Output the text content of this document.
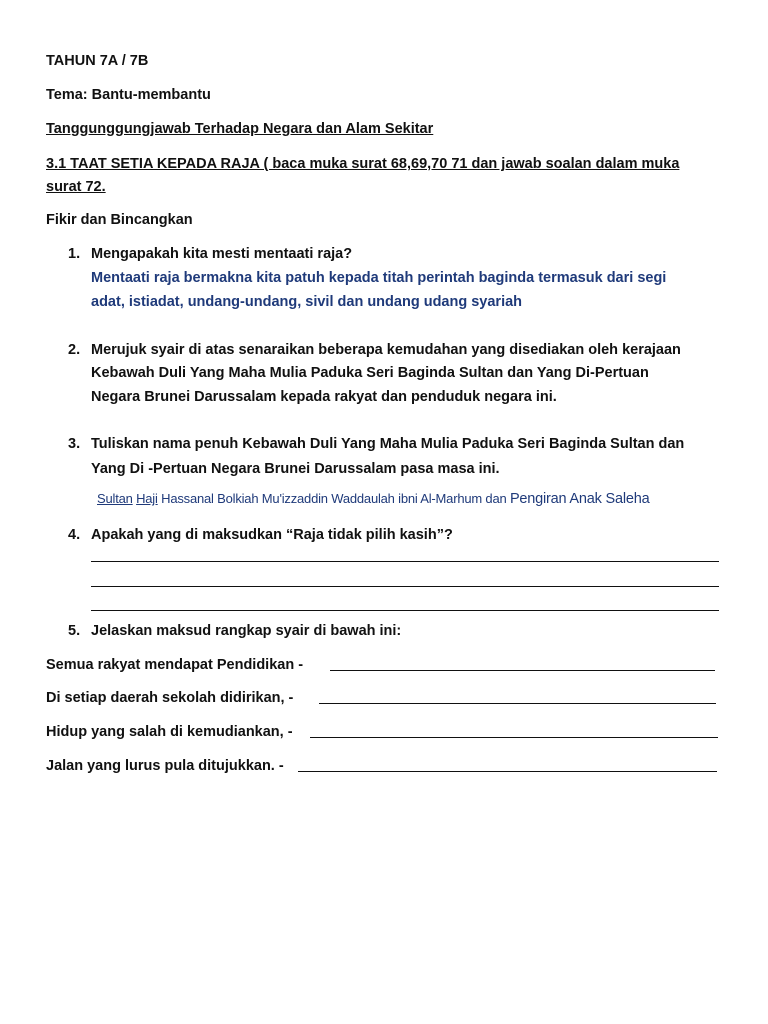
TAHUN 7A / 7B
Tema: Bantu-membantu
Tanggunggungjawab Terhadap Negara dan Alam Sekitar
3.1 TAAT SETIA KEPADA RAJA ( baca muka surat 68,69,70 71 dan jawab soalan dalam muka
surat 72.
Fikir dan Bincangkan
1. Mengapakah kita mesti mentaati raja?
Mentaati raja bermakna kita patuh kepada titah perintah baginda termasuk dari segi
adat, istiadat, undang-undang, sivil dan undang udang syariah
2. Merujuk syair di atas senaraikan beberapa kemudahan yang disediakan oleh kerajaan
Kebawah Duli Yang Maha Mulia Paduka Seri Baginda Sultan dan Yang Di-Pertuan
Negara Brunei Darussalam kepada rakyat dan penduduk negara ini.
3. Tuliskan nama penuh Kebawah Duli Yang Maha Mulia Paduka Seri Baginda Sultan dan
Yang Di -Pertuan Negara Brunei Darussalam pasa masa ini.
Sultan Haji Hassanal Bolkiah Mu'izzaddin Waddaulah ibni Al-Marhum dan Pengiran Anak Saleha
4. Apakah yang di maksudkan “Raja tidak pilih kasih”?
5. Jelaskan maksud rangkap syair di bawah ini:
Semua rakyat mendapat Pendidikan -
Di setiap daerah sekolah didirikan, -
Hidup yang salah di kemudiankan, -
Jalan yang lurus pula ditujukkan. -
